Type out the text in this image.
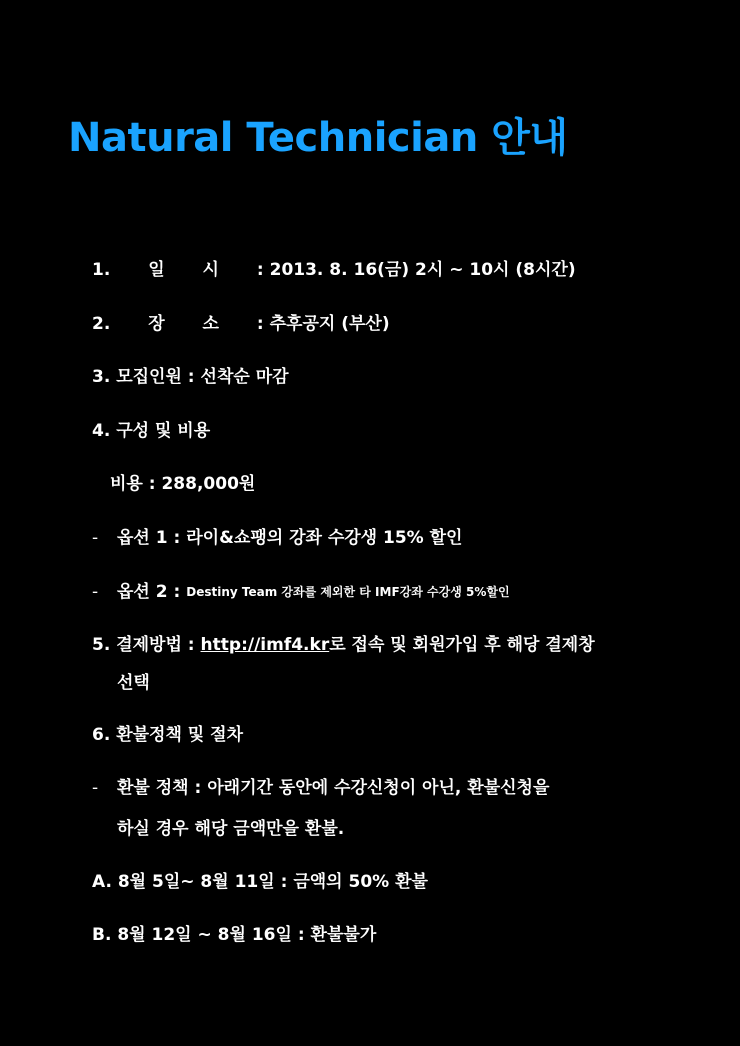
Natural Technician 안내
1. 일 시 : 2013. 8. 16(금) 2시 ~ 10시 (8시간)
2. 장 소 : 추후공지 (부산)
3. 모집인원 : 선착순 마감
4. 구성 및 비용
비용 : 288,000원
- 옵션 1 : 라이&쇼팽의 강좌 수강생 15% 할인
- 옵션 2 : Destiny Team 강좌를 제외한 타 IMF강좌 수강생 5%할인
5. 결제방법 : http://imf4.kr로 접속 및 회원가입 후 해당 결제창
선택
6. 환불정책 및 절차
- 환불 정책 : 아래기간 동안에 수강신청이 아닌, 환불신청을
하실 경우 해당 금액만을 환불.
A. 8월 5일~ 8월 11일 : 금액의 50% 환불
B. 8월 12일 ~ 8월 16일 : 환불불가
